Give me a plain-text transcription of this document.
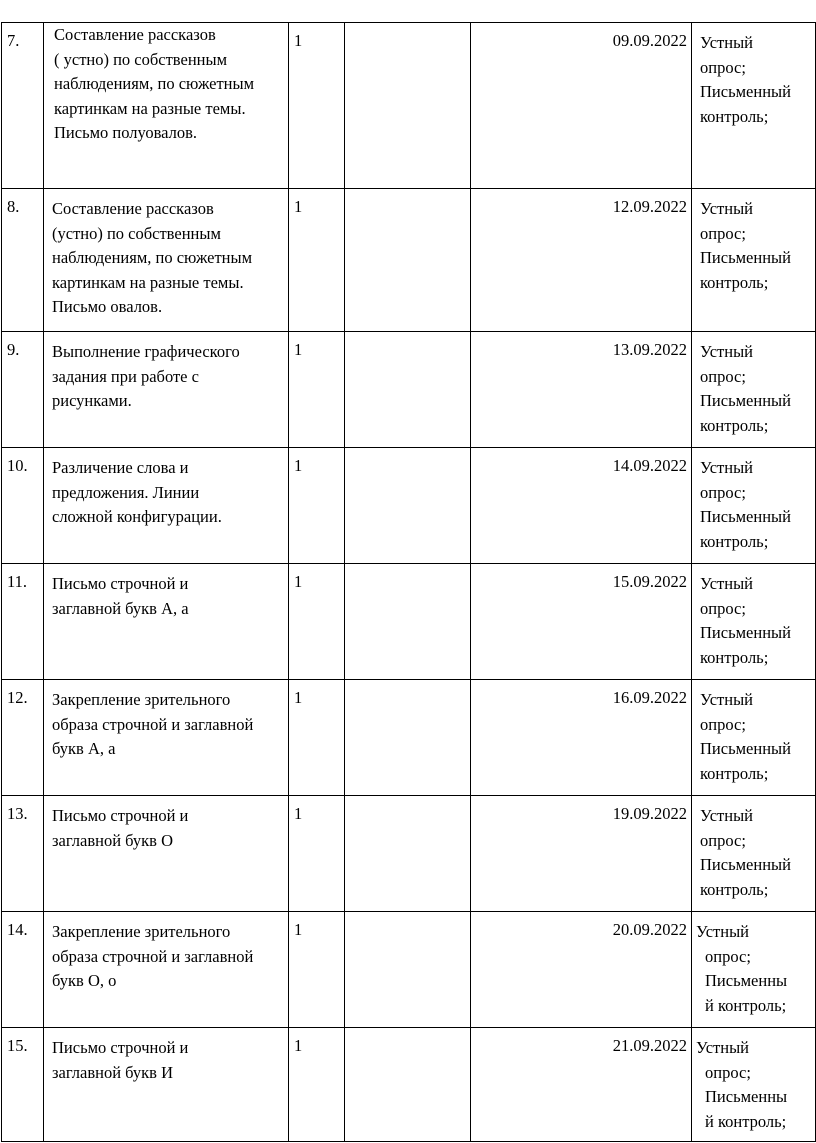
7.	Составление рассказов
( устно) по собственным
наблюдениям, по сюжетным
картинкам на разные темы.
Письмо полуовалов.	1		09.09.2022	Устный
опрос;
Письменный
контроль;

8.	Составление рассказов
(устно) по собственным
наблюдениям, по сюжетным
картинкам на разные темы.
Письмо овалов.	1		12.09.2022	Устный
опрос;
Письменный
контроль;

9.	Выполнение графического
задания при работе с
рисунками.	1		13.09.2022	Устный
опрос;
Письменный
контроль;

10.	Различение слова и
предложения. Линии
сложной конфигурации.	1		14.09.2022	Устный
опрос;
Письменный
контроль;

11.	Письмо строчной и
заглавной букв А, а	1		15.09.2022	Устный
опрос;
Письменный
контроль;

12.	Закрепление зрительного
образа строчной и заглавной
букв А, а	1		16.09.2022	Устный
опрос;
Письменный
контроль;

13.	Письмо строчной и
заглавной букв О	1		19.09.2022	Устный
опрос;
Письменный
контроль;

14.	Закрепление зрительного
образа строчной и заглавной
букв О, о	1		20.09.2022	Устный
опрос;
Письменны
й контроль;

15.	Письмо строчной и
заглавной букв И	1		21.09.2022	Устный
опрос;
Письменны
й контроль;
